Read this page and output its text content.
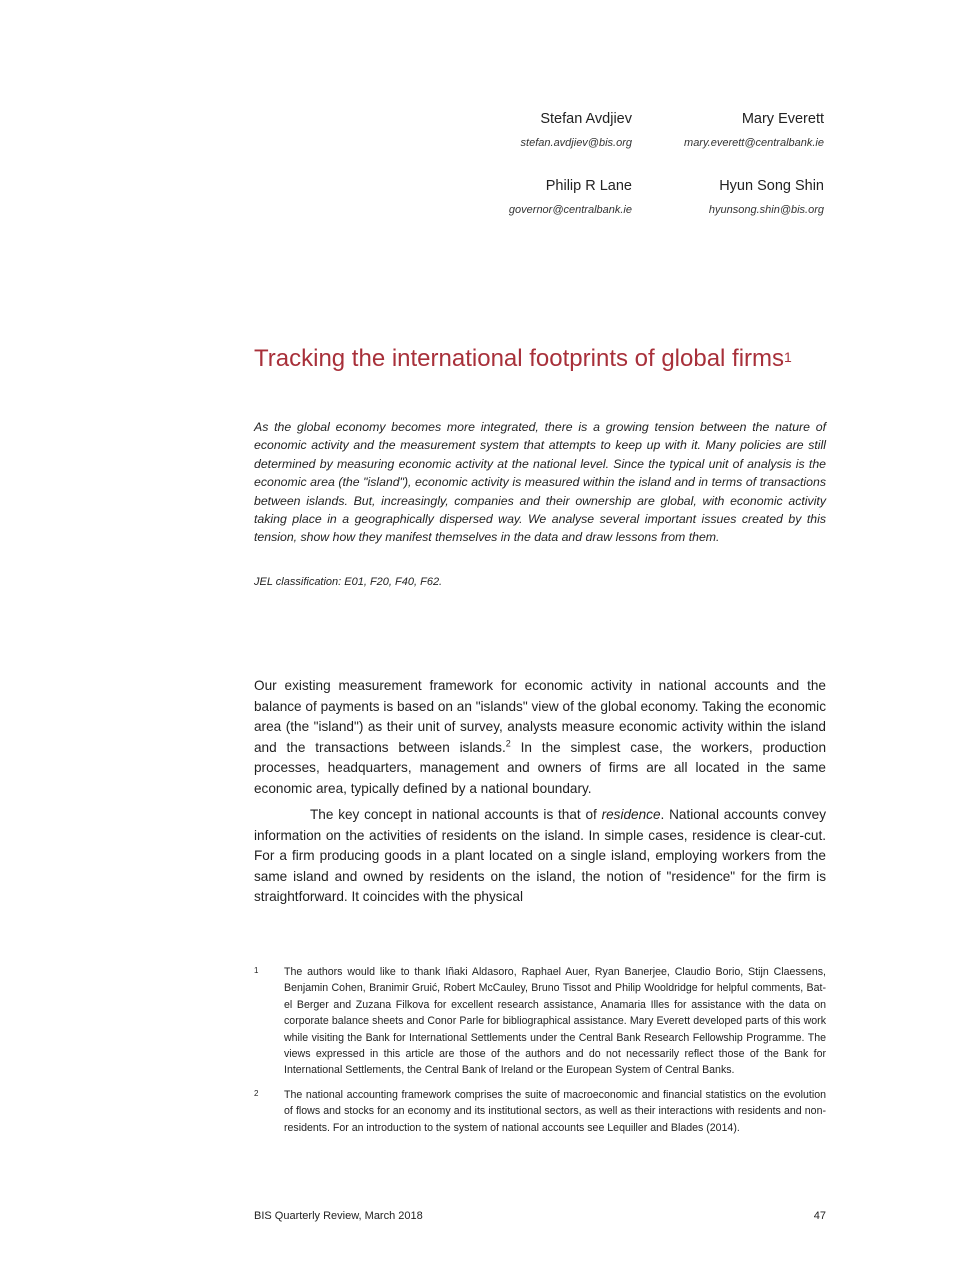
Stefan Avdjiev
stefan.avdjiev@bis.org
Mary Everett
mary.everett@centralbank.ie
Philip R Lane
governor@centralbank.ie
Hyun Song Shin
hyunsong.shin@bis.org
Tracking the international footprints of global firms$^1$
As the global economy becomes more integrated, there is a growing tension between the nature of economic activity and the measurement system that attempts to keep up with it. Many policies are still determined by measuring economic activity at the national level. Since the typical unit of analysis is the economic area (the "island"), economic activity is measured within the island and in terms of transactions between islands. But, increasingly, companies and their ownership are global, with economic activity taking place in a geographically dispersed way. We analyse several important issues created by this tension, show how they manifest themselves in the data and draw lessons from them.
JEL classification: E01, F20, F40, F62.

Our existing measurement framework for economic activity in national accounts and the balance of payments is based on an "islands" view of the global economy. Taking the economic area (the "island") as their unit of survey, analysts measure economic activity within the island and the transactions between islands.$^2$ In the simplest case, the workers, production processes, headquarters, management and owners of firms are all located in the same economic area, typically defined by a national boundary.

The key concept in national accounts is that of residence. National accounts convey information on the activities of residents on the island. In simple cases, residence is clear-cut. For a firm producing goods in a plant located on a single island, employing workers from the same island and owned by residents on the island, the notion of "residence" for the firm is straightforward. It coincides with the physical

1	The authors would like to thank Iñaki Aldasoro, Raphael Auer, Ryan Banerjee, Claudio Borio, Stijn Claessens, Benjamin Cohen, Branimir Gruić, Robert McCauley, Bruno Tissot and Philip Wooldridge for helpful comments, Bat-el Berger and Zuzana Filkova for excellent research assistance, Anamaria Illes for assistance with the data on corporate balance sheets and Conor Parle for bibliographical assistance. Mary Everett developed parts of this work while visiting the Bank for International Settlements under the Central Bank Research Fellowship Programme. The views expressed in this article are those of the authors and do not necessarily reflect those of the Bank for International Settlements, the Central Bank of Ireland or the European System of Central Banks.
2	The national accounting framework comprises the suite of macroeconomic and financial statistics on the evolution of flows and stocks for an economy and its institutional sectors, as well as their interactions with residents and non-residents. For an introduction to the system of national accounts see Lequiller and Blades (2014).
BIS Quarterly Review, March 2018	47
